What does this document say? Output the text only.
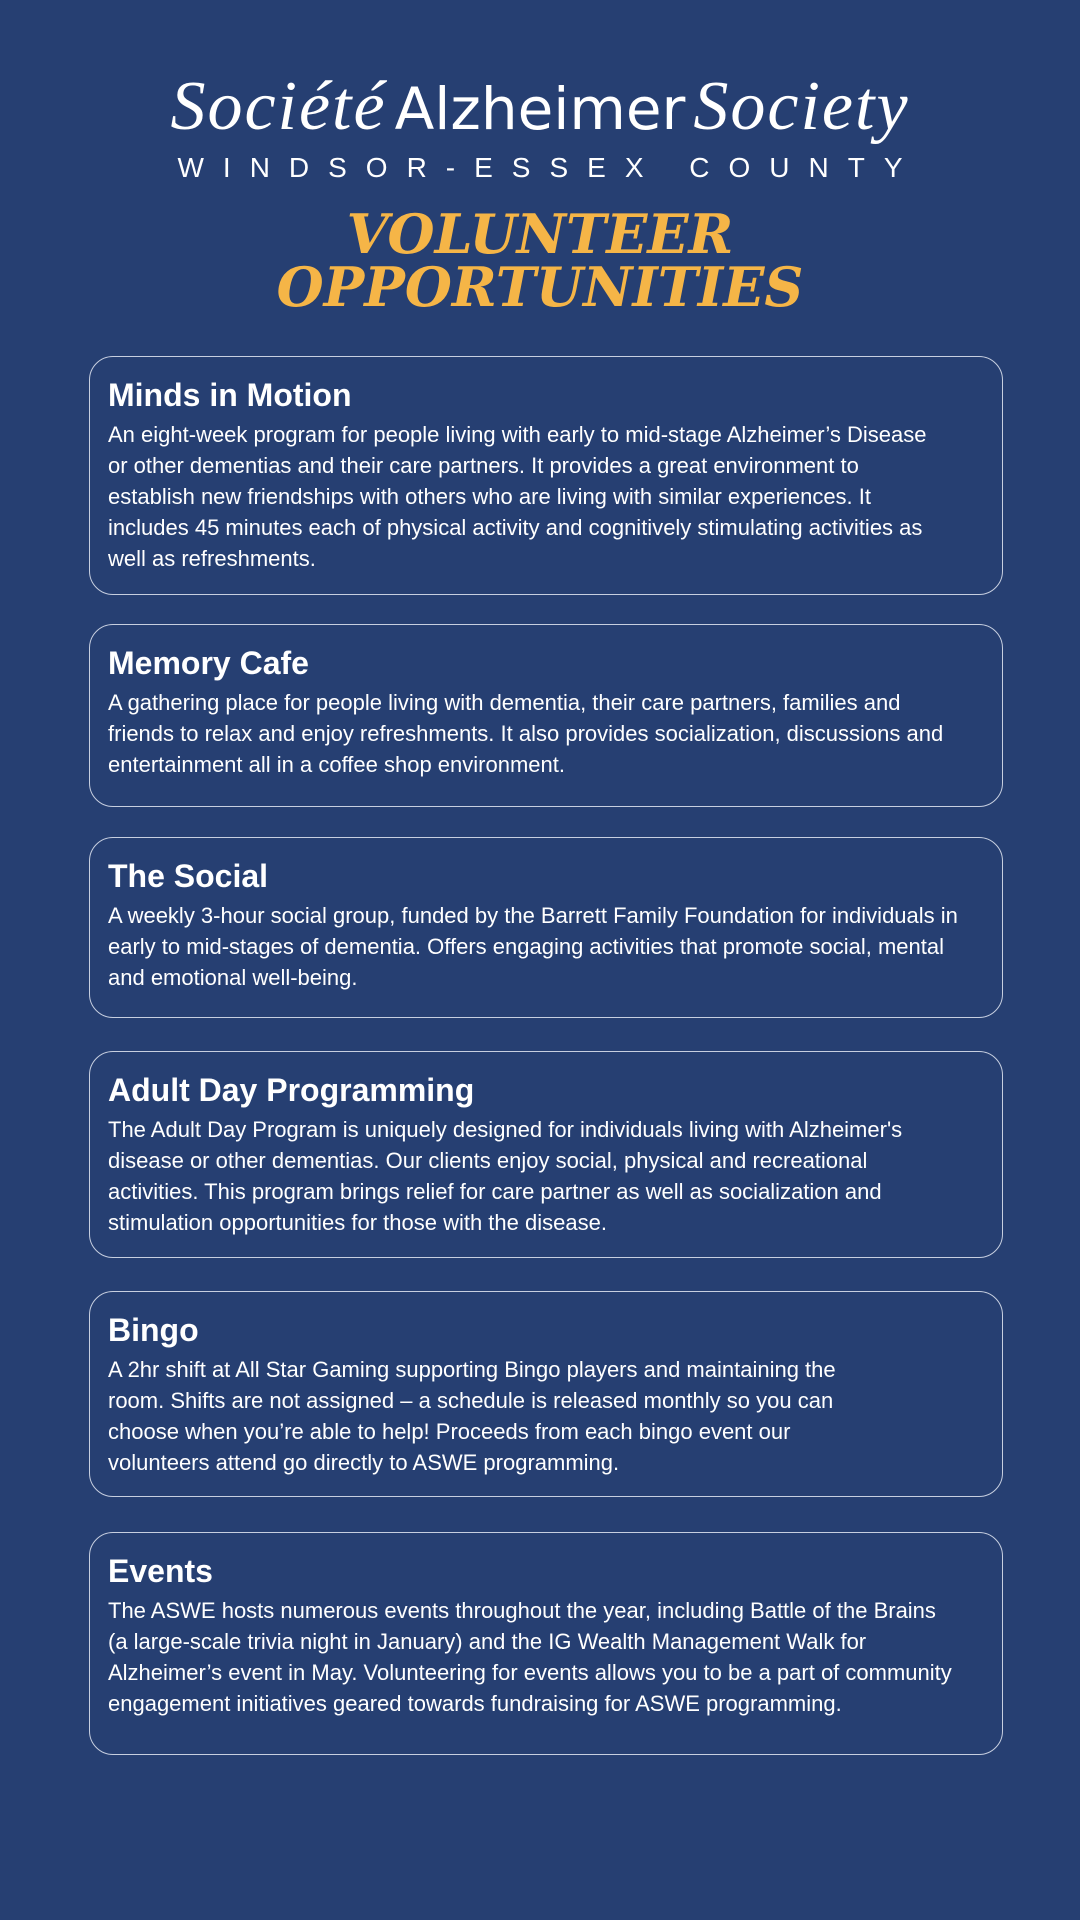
Société Alzheimer Society
WINDSOR-ESSEX COUNTY
VOLUNTEER
OPPORTUNITIES
Minds in Motion

An eight-week program for people living with early to mid-stage Alzheimer’s Disease
or other dementias and their care partners. It provides a great environment to
establish new friendships with others who are living with similar experiences. It
includes 45 minutes each of physical activity and cognitively stimulating activities as
well as refreshments.

Memory Cafe

A gathering place for people living with dementia, their care partners, families and
friends to relax and enjoy refreshments. It also provides socialization, discussions and
entertainment all in a coffee shop environment.

The Social

A weekly 3-hour social group, funded by the Barrett Family Foundation for individuals in
early to mid-stages of dementia. Offers engaging activities that promote social, mental
and emotional well-being.

Adult Day Programming

The Adult Day Program is uniquely designed for individuals living with Alzheimer's
disease or other dementias. Our clients enjoy social, physical and recreational
activities. This program brings relief for care partner as well as socialization and
stimulation opportunities for those with the disease.

Bingo

A 2hr shift at All Star Gaming supporting Bingo players and maintaining the
room. Shifts are not assigned – a schedule is released monthly so you can
choose when you’re able to help! Proceeds from each bingo event our
volunteers attend go directly to ASWE programming.

Events

The ASWE hosts numerous events throughout the year, including Battle of the Brains
(a large-scale trivia night in January) and the IG Wealth Management Walk for
Alzheimer’s event in May. Volunteering for events allows you to be a part of community
engagement initiatives geared towards fundraising for ASWE programming.
